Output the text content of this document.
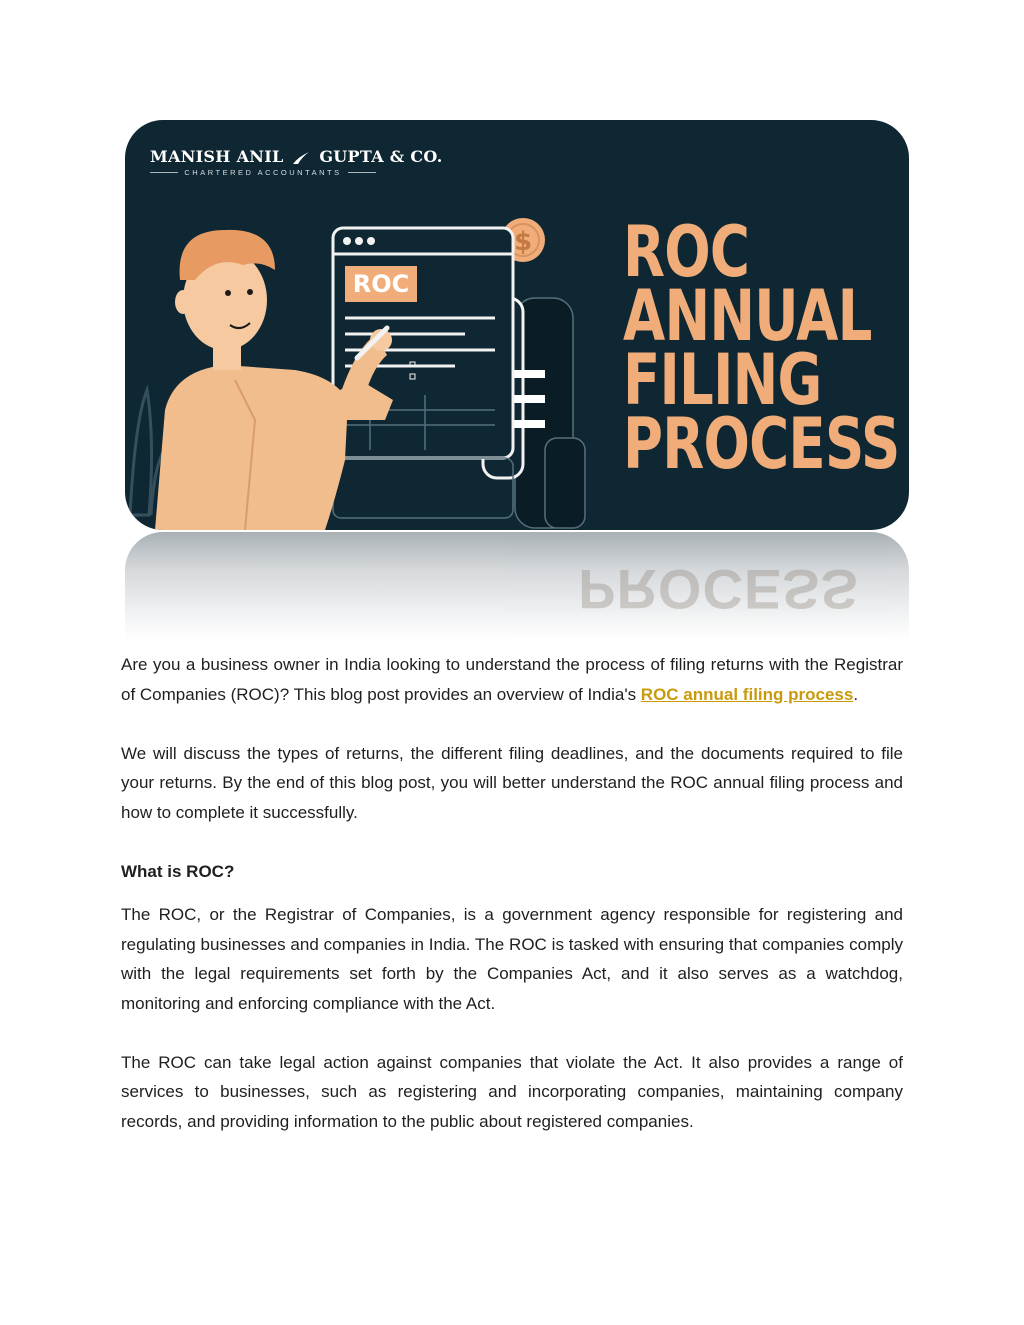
$
ROC
MANISH ANIL GUPTA & CO.
CHARTERED ACCOUNTANTS
ROC
ANNUAL
FILING
PROCESS
PROCESS

Are you a business owner in India looking to understand the process of filing returns with the Registrar of Companies (ROC)? This blog post provides an overview of India's ROC annual filing process.

We will discuss the types of returns, the different filing deadlines, and the documents required to file your returns. By the end of this blog post, you will better understand the ROC annual filing process and how to complete it successfully.

What is ROC?

The ROC, or the Registrar of Companies, is a government agency responsible for registering and regulating businesses and companies in India. The ROC is tasked with ensuring that companies comply with the legal requirements set forth by the Companies Act, and it also serves as a watchdog, monitoring and enforcing compliance with the Act.

The ROC can take legal action against companies that violate the Act. It also provides a range of services to businesses, such as registering and incorporating companies, maintaining company records, and providing information to the public about registered companies.
